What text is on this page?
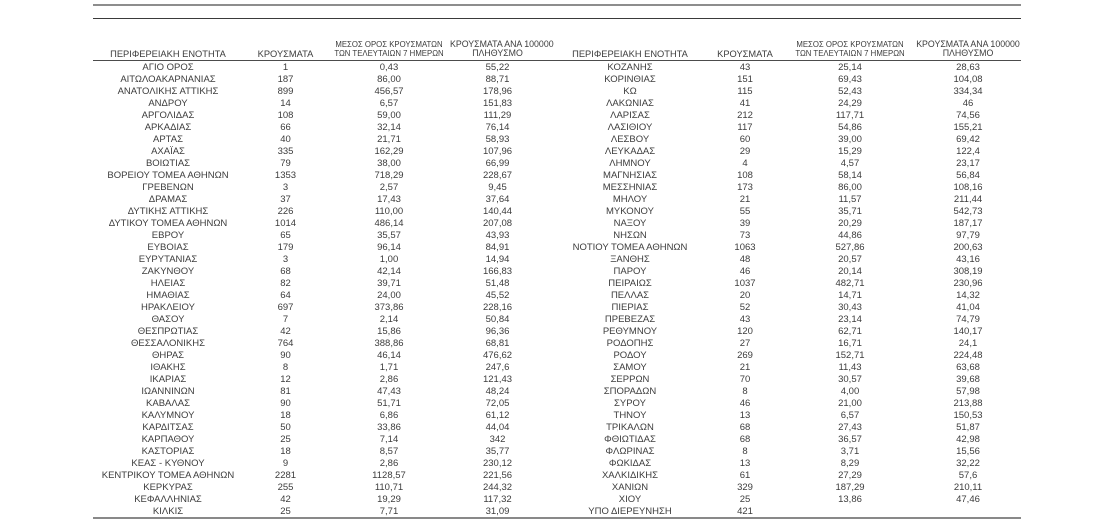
ΠΕΡΙΦΕΡΕΙΑΚΗ ΕΝΟΤΗΤΑ	ΚΡΟΥΣΜΑΤΑ	ΜΕΣΟΣ ΟΡΟΣ ΚΡΟΥΣΜΑΤΩΝ
ΤΩΝ ΤΕΛΕΥΤΑΙΩΝ 7 ΗΜΕΡΩΝ	ΚΡΟΥΣΜΑΤΑ ΑΝΑ 100000
ΠΛΗΘΥΣΜΟ

ΑΓΙΟ ΟΡΟΣ	1	0,43	55,22
ΑΙΤΩΛΟΑΚΑΡΝΑΝΙΑΣ	187	86,00	88,71
ΑΝΑΤΟΛΙΚΗΣ ΑΤΤΙΚΗΣ	899	456,57	178,96
ΑΝΔΡΟΥ	14	6,57	151,83
ΑΡΓΟΛΙΔΑΣ	108	59,00	111,29
ΑΡΚΑΔΙΑΣ	66	32,14	76,14
ΑΡΤΑΣ	40	21,71	58,93
ΑΧΑΪΑΣ	335	162,29	107,96
ΒΟΙΩΤΙΑΣ	79	38,00	66,99
ΒΟΡΕΙΟΥ ΤΟΜΕΑ ΑΘΗΝΩΝ	1353	718,29	228,67
ΓΡΕΒΕΝΩΝ	3	2,57	9,45
ΔΡΑΜΑΣ	37	17,43	37,64
ΔΥΤΙΚΗΣ ΑΤΤΙΚΗΣ	226	110,00	140,44
ΔΥΤΙΚΟΥ ΤΟΜΕΑ ΑΘΗΝΩΝ	1014	486,14	207,08
ΕΒΡΟΥ	65	35,57	43,93
ΕΥΒΟΙΑΣ	179	96,14	84,91
ΕΥΡΥΤΑΝΙΑΣ	3	1,00	14,94
ΖΑΚΥΝΘΟΥ	68	42,14	166,83
ΗΛΕΙΑΣ	82	39,71	51,48
ΗΜΑΘΙΑΣ	64	24,00	45,52
ΗΡΑΚΛΕΙΟΥ	697	373,86	228,16
ΘΑΣΟΥ	7	2,14	50,84
ΘΕΣΠΡΩΤΙΑΣ	42	15,86	96,36
ΘΕΣΣΑΛΟΝΙΚΗΣ	764	388,86	68,81
ΘΗΡΑΣ	90	46,14	476,62
ΙΘΑΚΗΣ	8	1,71	247,6
ΙΚΑΡΙΑΣ	12	2,86	121,43
ΙΩΑΝΝΙΝΩΝ	81	47,43	48,24
ΚΑΒΑΛΑΣ	90	51,71	72,05
ΚΑΛΥΜΝΟΥ	18	6,86	61,12
ΚΑΡΔΙΤΣΑΣ	50	33,86	44,04
ΚΑΡΠΑΘΟΥ	25	7,14	342
ΚΑΣΤΟΡΙΑΣ	18	8,57	35,77
ΚΕΑΣ - ΚΥΘΝΟΥ	9	2,86	230,12
ΚΕΝΤΡΙΚΟΥ ΤΟΜΕΑ ΑΘΗΝΩΝ	2281	1128,57	221,56
ΚΕΡΚΥΡΑΣ	255	110,71	244,32
ΚΕΦΑΛΛΗΝΙΑΣ	42	19,29	117,32
ΚΙΛΚΙΣ	25	7,71	31,09
ΠΕΡΙΦΕΡΕΙΑΚΗ ΕΝΟΤΗΤΑ	ΚΡΟΥΣΜΑΤΑ	ΜΕΣΟΣ ΟΡΟΣ ΚΡΟΥΣΜΑΤΩΝ
ΤΩΝ ΤΕΛΕΥΤΑΙΩΝ 7 ΗΜΕΡΩΝ	ΚΡΟΥΣΜΑΤΑ ΑΝΑ 100000
ΠΛΗΘΥΣΜΟ

ΚΟΖΑΝΗΣ	43	25,14	28,63
ΚΟΡΙΝΘΙΑΣ	151	69,43	104,08
ΚΩ	115	52,43	334,34
ΛΑΚΩΝΙΑΣ	41	24,29	46
ΛΑΡΙΣΑΣ	212	117,71	74,56
ΛΑΣΙΘΙΟΥ	117	54,86	155,21
ΛΕΣΒΟΥ	60	39,00	69,42
ΛΕΥΚΑΔΑΣ	29	15,29	122,4
ΛΗΜΝΟΥ	4	4,57	23,17
ΜΑΓΝΗΣΙΑΣ	108	58,14	56,84
ΜΕΣΣΗΝΙΑΣ	173	86,00	108,16
ΜΗΛΟΥ	21	11,57	211,44
ΜΥΚΟΝΟΥ	55	35,71	542,73
ΝΑΞΟΥ	39	20,29	187,17
ΝΗΣΩΝ	73	44,86	97,79
ΝΟΤΙΟΥ ΤΟΜΕΑ ΑΘΗΝΩΝ	1063	527,86	200,63
ΞΑΝΘΗΣ	48	20,57	43,16
ΠΑΡΟΥ	46	20,14	308,19
ΠΕΙΡΑΙΩΣ	1037	482,71	230,96
ΠΕΛΛΑΣ	20	14,71	14,32
ΠΙΕΡΙΑΣ	52	30,43	41,04
ΠΡΕΒΕΖΑΣ	43	23,14	74,79
ΡΕΘΥΜΝΟΥ	120	62,71	140,17
ΡΟΔΟΠΗΣ	27	16,71	24,1
ΡΟΔΟΥ	269	152,71	224,48
ΣΑΜΟΥ	21	11,43	63,68
ΣΕΡΡΩΝ	70	30,57	39,68
ΣΠΟΡΑΔΩΝ	8	4,00	57,98
ΣΥΡΟΥ	46	21,00	213,88
ΤΗΝΟΥ	13	6,57	150,53
ΤΡΙΚΑΛΩΝ	68	27,43	51,87
ΦΘΙΩΤΙΔΑΣ	68	36,57	42,98
ΦΛΩΡΙΝΑΣ	8	3,71	15,56
ΦΩΚΙΔΑΣ	13	8,29	32,22
ΧΑΛΚΙΔΙΚΗΣ	61	27,29	57,6
ΧΑΝΙΩΝ	329	187,29	210,11
ΧΙΟΥ	25	13,86	47,46
ΥΠΟ ΔΙΕΡΕΥΝΗΣΗ	421		
